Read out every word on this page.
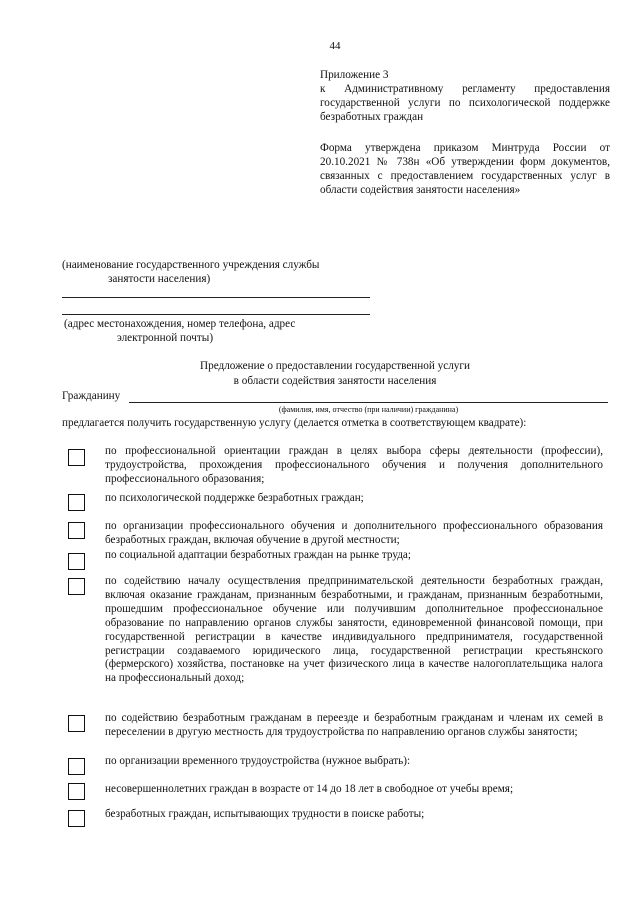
44
Приложение 3
к Административному регламенту предоставления государственной услуги по психологической поддержке безработных граждан
Форма утверждена приказом Минтруда России от 20.10.2021 № 738н «Об утверждении форм документов, связанных с предоставлением государственных услуг в области содействия занятости населения»
(наименование государственного учреждения службы
занятости населения)
(адрес местонахождения, номер телефона, адрес
электронной почты)
Предложение о предоставлении государственной услуги
в области содействия занятости населения
Гражданину
(фамилия, имя, отчество (при наличии) гражданина)
предлагается получить государственную услугу (делается отметка в соответствующем квадрате):
по профессиональной ориентации граждан в целях выбора сферы деятельности (профессии), трудоустройства, прохождения профессионального обучения и получения дополнительного профессионального образования;
по психологической поддержке безработных граждан;
по организации профессионального обучения и дополнительного профессионального образования безработных граждан, включая обучение в другой местности;
по социальной адаптации безработных граждан на рынке труда;
по содействию началу осуществления предпринимательской деятельности безработных граждан, включая оказание гражданам, признанным безработными, и гражданам, признанным безработными, прошедшим профессиональное обучение или получившим дополнительное профессиональное образование по направлению органов службы занятости, единовременной финансовой помощи, при государственной регистрации в качестве индивидуального предпринимателя, государственной регистрации создаваемого юридического лица, государственной регистрации крестьянского (фермерского) хозяйства, постановке на учет физического лица в качестве налогоплательщика налога на профессиональный доход;
по содействию безработным гражданам в переезде и безработным гражданам и членам их семей в переселении в другую местность для трудоустройства по направлению органов службы занятости;
по организации временного трудоустройства (нужное выбрать):
несовершеннолетних граждан в возрасте от 14 до 18 лет в свободное от учебы время;
безработных граждан, испытывающих трудности в поиске работы;
